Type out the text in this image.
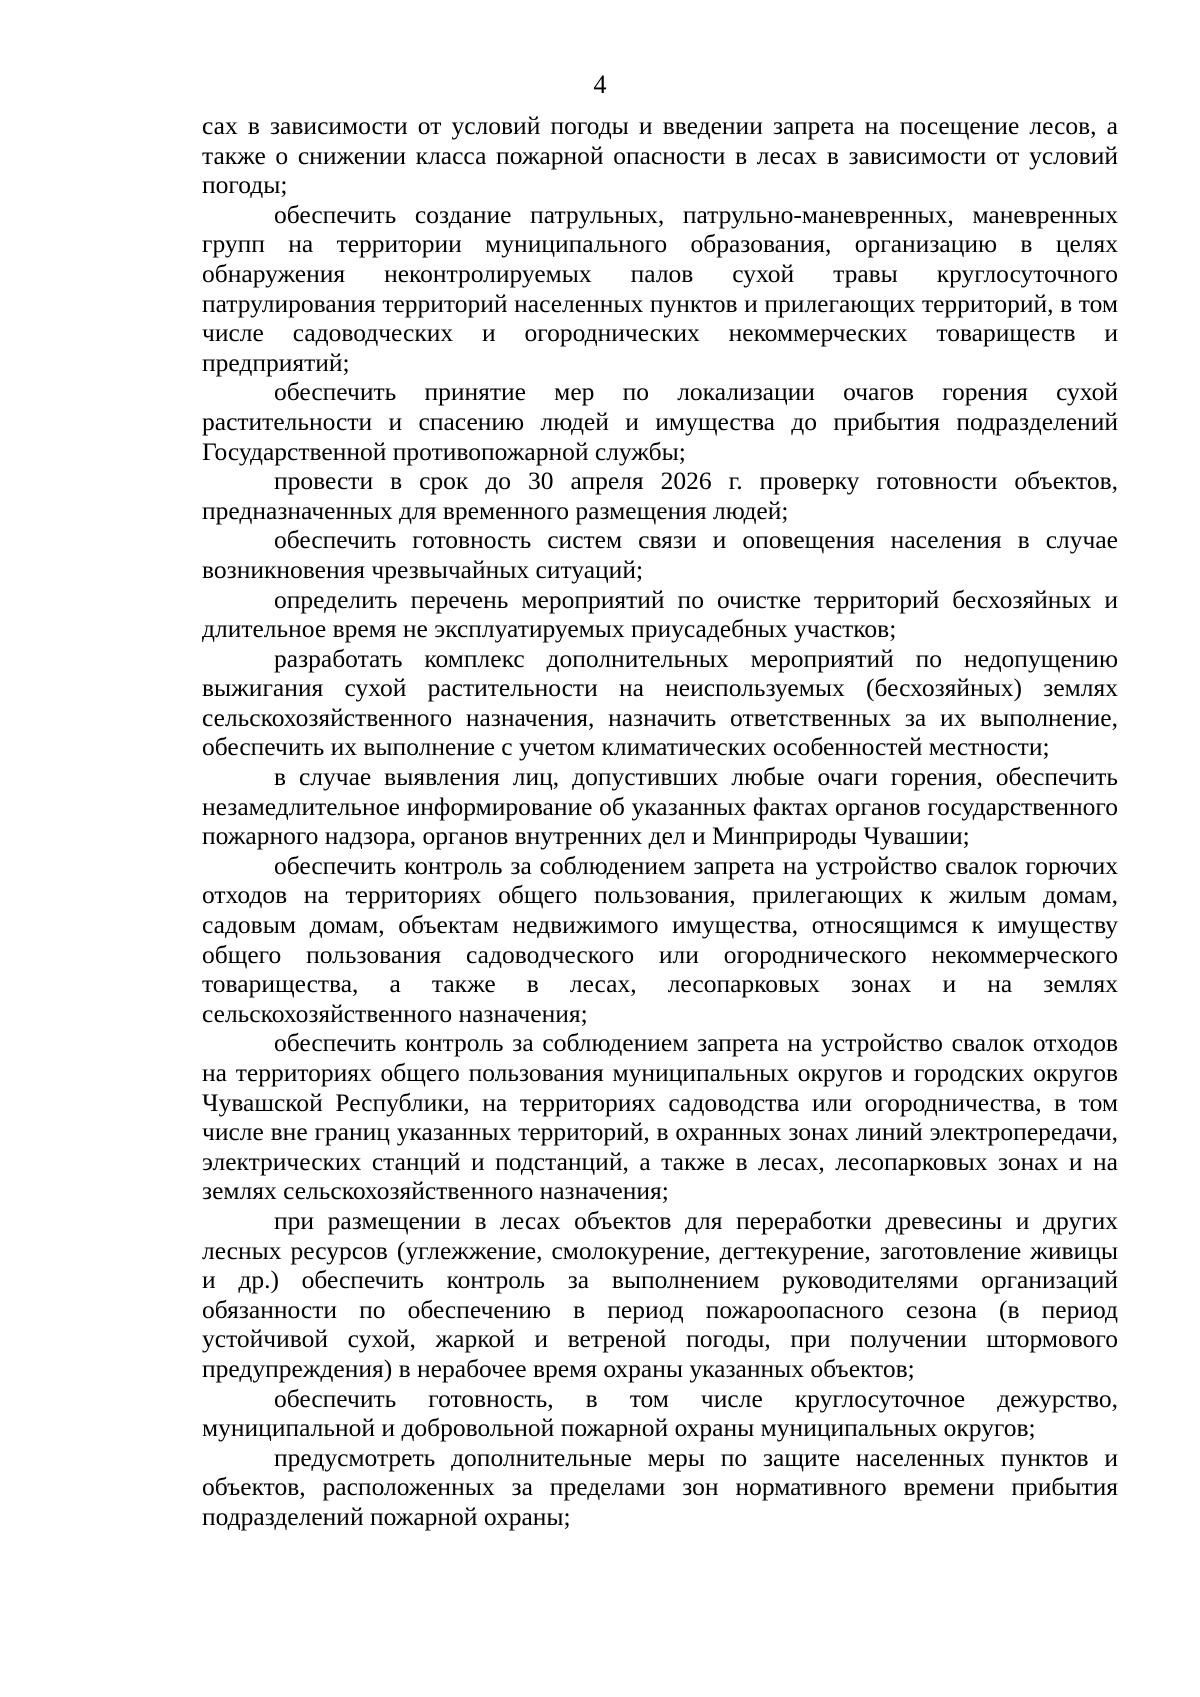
4

сах в зависимости от условий погоды и введении запрета на посещение лесов, а также о снижении класса пожарной опасности в лесах в зависимости от условий погоды;

обеспечить создание патрульных, патрульно-маневренных, маневренных групп на территории муниципального образования, организацию в целях обнаружения неконтролируемых палов сухой травы круглосуточного патрулирования территорий населенных пунктов и прилегающих территорий, в том числе садоводческих и огороднических некоммерческих товариществ и предприятий;

обеспечить принятие мер по локализации очагов горения сухой растительности и спасению людей и имущества до прибытия подразделений Государственной противопожарной службы;

провести в срок до 30 апреля 2026 г. проверку готовности объектов, предназначенных для временного размещения людей;

обеспечить готовность систем связи и оповещения населения в случае возникновения чрезвычайных ситуаций;

определить перечень мероприятий по очистке территорий бесхозяйных и длительное время не эксплуатируемых приусадебных участков;

разработать комплекс дополнительных мероприятий по недопущению выжигания сухой растительности на неиспользуемых (бесхозяйных) землях сельскохозяйственного назначения, назначить ответственных за их выполнение, обеспечить их выполнение с учетом климатических особенностей местности;

в случае выявления лиц, допустивших любые очаги горения, обеспечить незамедлительное информирование об указанных фактах органов государственного пожарного надзора, органов внутренних дел и Минприроды Чувашии;

обеспечить контроль за соблюдением запрета на устройство свалок горючих отходов на территориях общего пользования, прилегающих к жилым домам, садовым домам, объектам недвижимого имущества, относящимся к имуществу общего пользования садоводческого или огороднического некоммерческого товарищества, а также в лесах, лесопарковых зонах и на землях сельскохозяйственного назначения;

обеспечить контроль за соблюдением запрета на устройство свалок отходов на территориях общего пользования муниципальных округов и городских округов Чувашской Республики, на территориях садоводства или огородничества, в том числе вне границ указанных территорий, в охранных зонах линий электропередачи, электрических станций и подстанций, а также в лесах, лесопарковых зонах и на землях сельскохозяйственного назначения;

при размещении в лесах объектов для переработки древесины и других лесных ресурсов (углежжение, смолокурение, дегтекурение, заготовление живицы и др.) обеспечить контроль за выполнением руководителями организаций обязанности по обеспечению в период пожароопасного сезона (в период устойчивой сухой, жаркой и ветреной погоды, при получении штормового предупреждения) в нерабочее время охраны указанных объектов;

обеспечить готовность, в том числе круглосуточное дежурство, муниципальной и добровольной пожарной охраны муниципальных округов;

предусмотреть дополнительные меры по защите населенных пунктов и объектов, расположенных за пределами зон нормативного времени прибытия подразделений пожарной охраны;
